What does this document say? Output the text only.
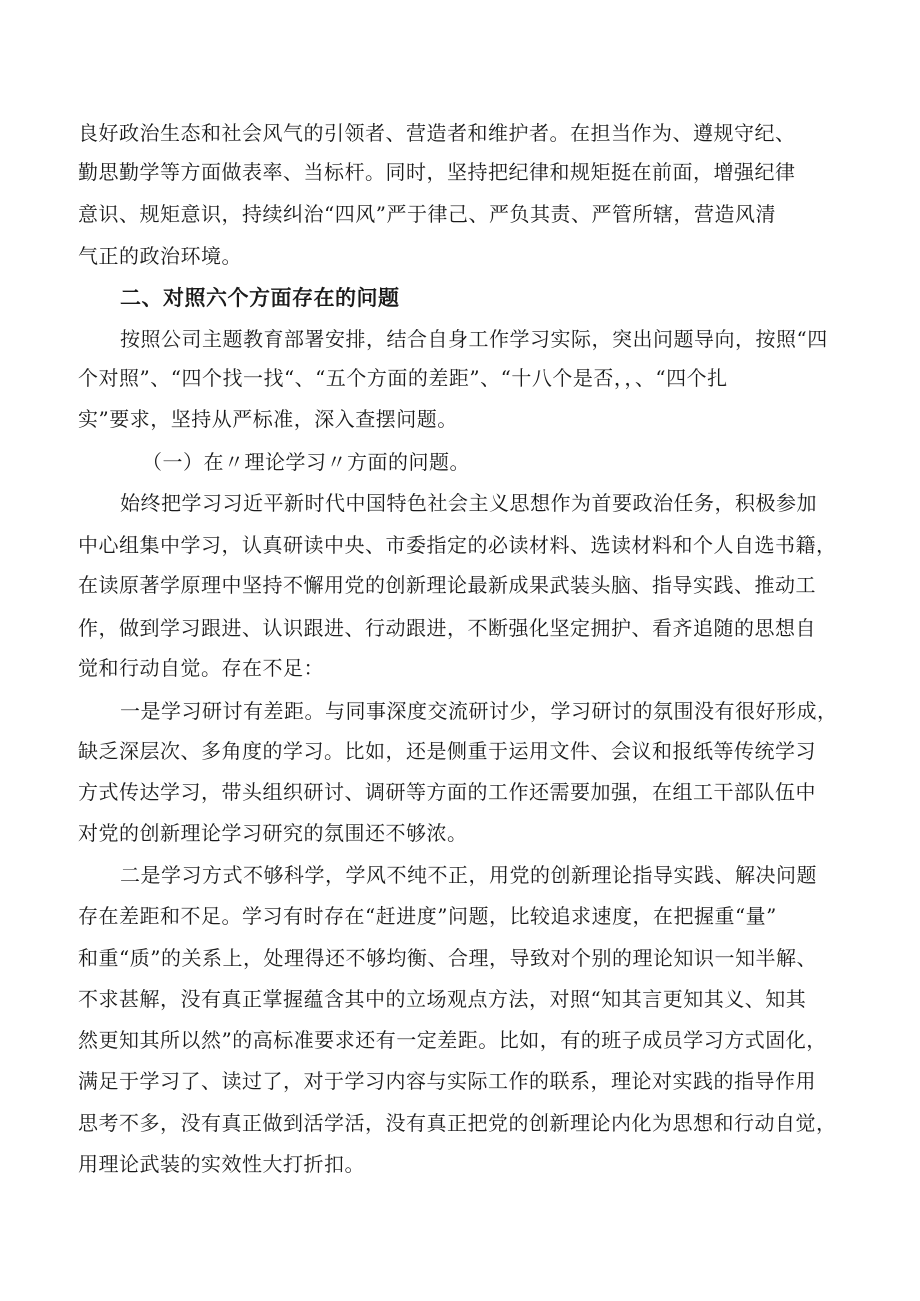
良好政治生态和社会风气的引领者、营造者和维护者。在担当作为、遵规守纪、
勤思勤学等方面做表率、当标杆。同时，坚持把纪律和规矩挺在前面，增强纪律
意识、规矩意识，持续纠治“四风”严于律己、严负其责、严管所辖，营造风清
气正的政治环境。
二、对照六个方面存在的问题
按照公司主题教育部署安排，结合自身工作学习实际，突出问题导向，按照“四
个对照”、“四个找一找“、“五个方面的差距”、“十八个是否，，、“四个扎
实”要求，坚持从严标准，深入查摆问题。
（一）在〃理论学习〃方面的问题。
始终把学习习近平新时代中国特色社会主义思想作为首要政治任务，积极参加
中心组集中学习，认真研读中央、市委指定的必读材料、选读材料和个人自选书籍，
在读原著学原理中坚持不懈用党的创新理论最新成果武装头脑、指导实践、推动工
作，做到学习跟进、认识跟进、行动跟进，不断强化坚定拥护、看齐追随的思想自
觉和行动自觉。存在不足：
一是学习研讨有差距。与同事深度交流研讨少，学习研讨的氛围没有很好形成，
缺乏深层次、多角度的学习。比如，还是侧重于运用文件、会议和报纸等传统学习
方式传达学习，带头组织研讨、调研等方面的工作还需要加强，在组工干部队伍中
对党的创新理论学习研究的氛围还不够浓。
二是学习方式不够科学，学风不纯不正，用党的创新理论指导实践、解决问题
存在差距和不足。学习有时存在“赶进度”问题，比较追求速度，在把握重“量”
和重“质”的关系上，处理得还不够均衡、合理，导致对个别的理论知识一知半解、
不求甚解，没有真正掌握蕴含其中的立场观点方法，对照“知其言更知其义、知其
然更知其所以然”的高标准要求还有一定差距。比如，有的班子成员学习方式固化，
满足于学习了、读过了，对于学习内容与实际工作的联系，理论对实践的指导作用
思考不多，没有真正做到活学活，没有真正把党的创新理论内化为思想和行动自觉，
用理论武装的实效性大打折扣。
